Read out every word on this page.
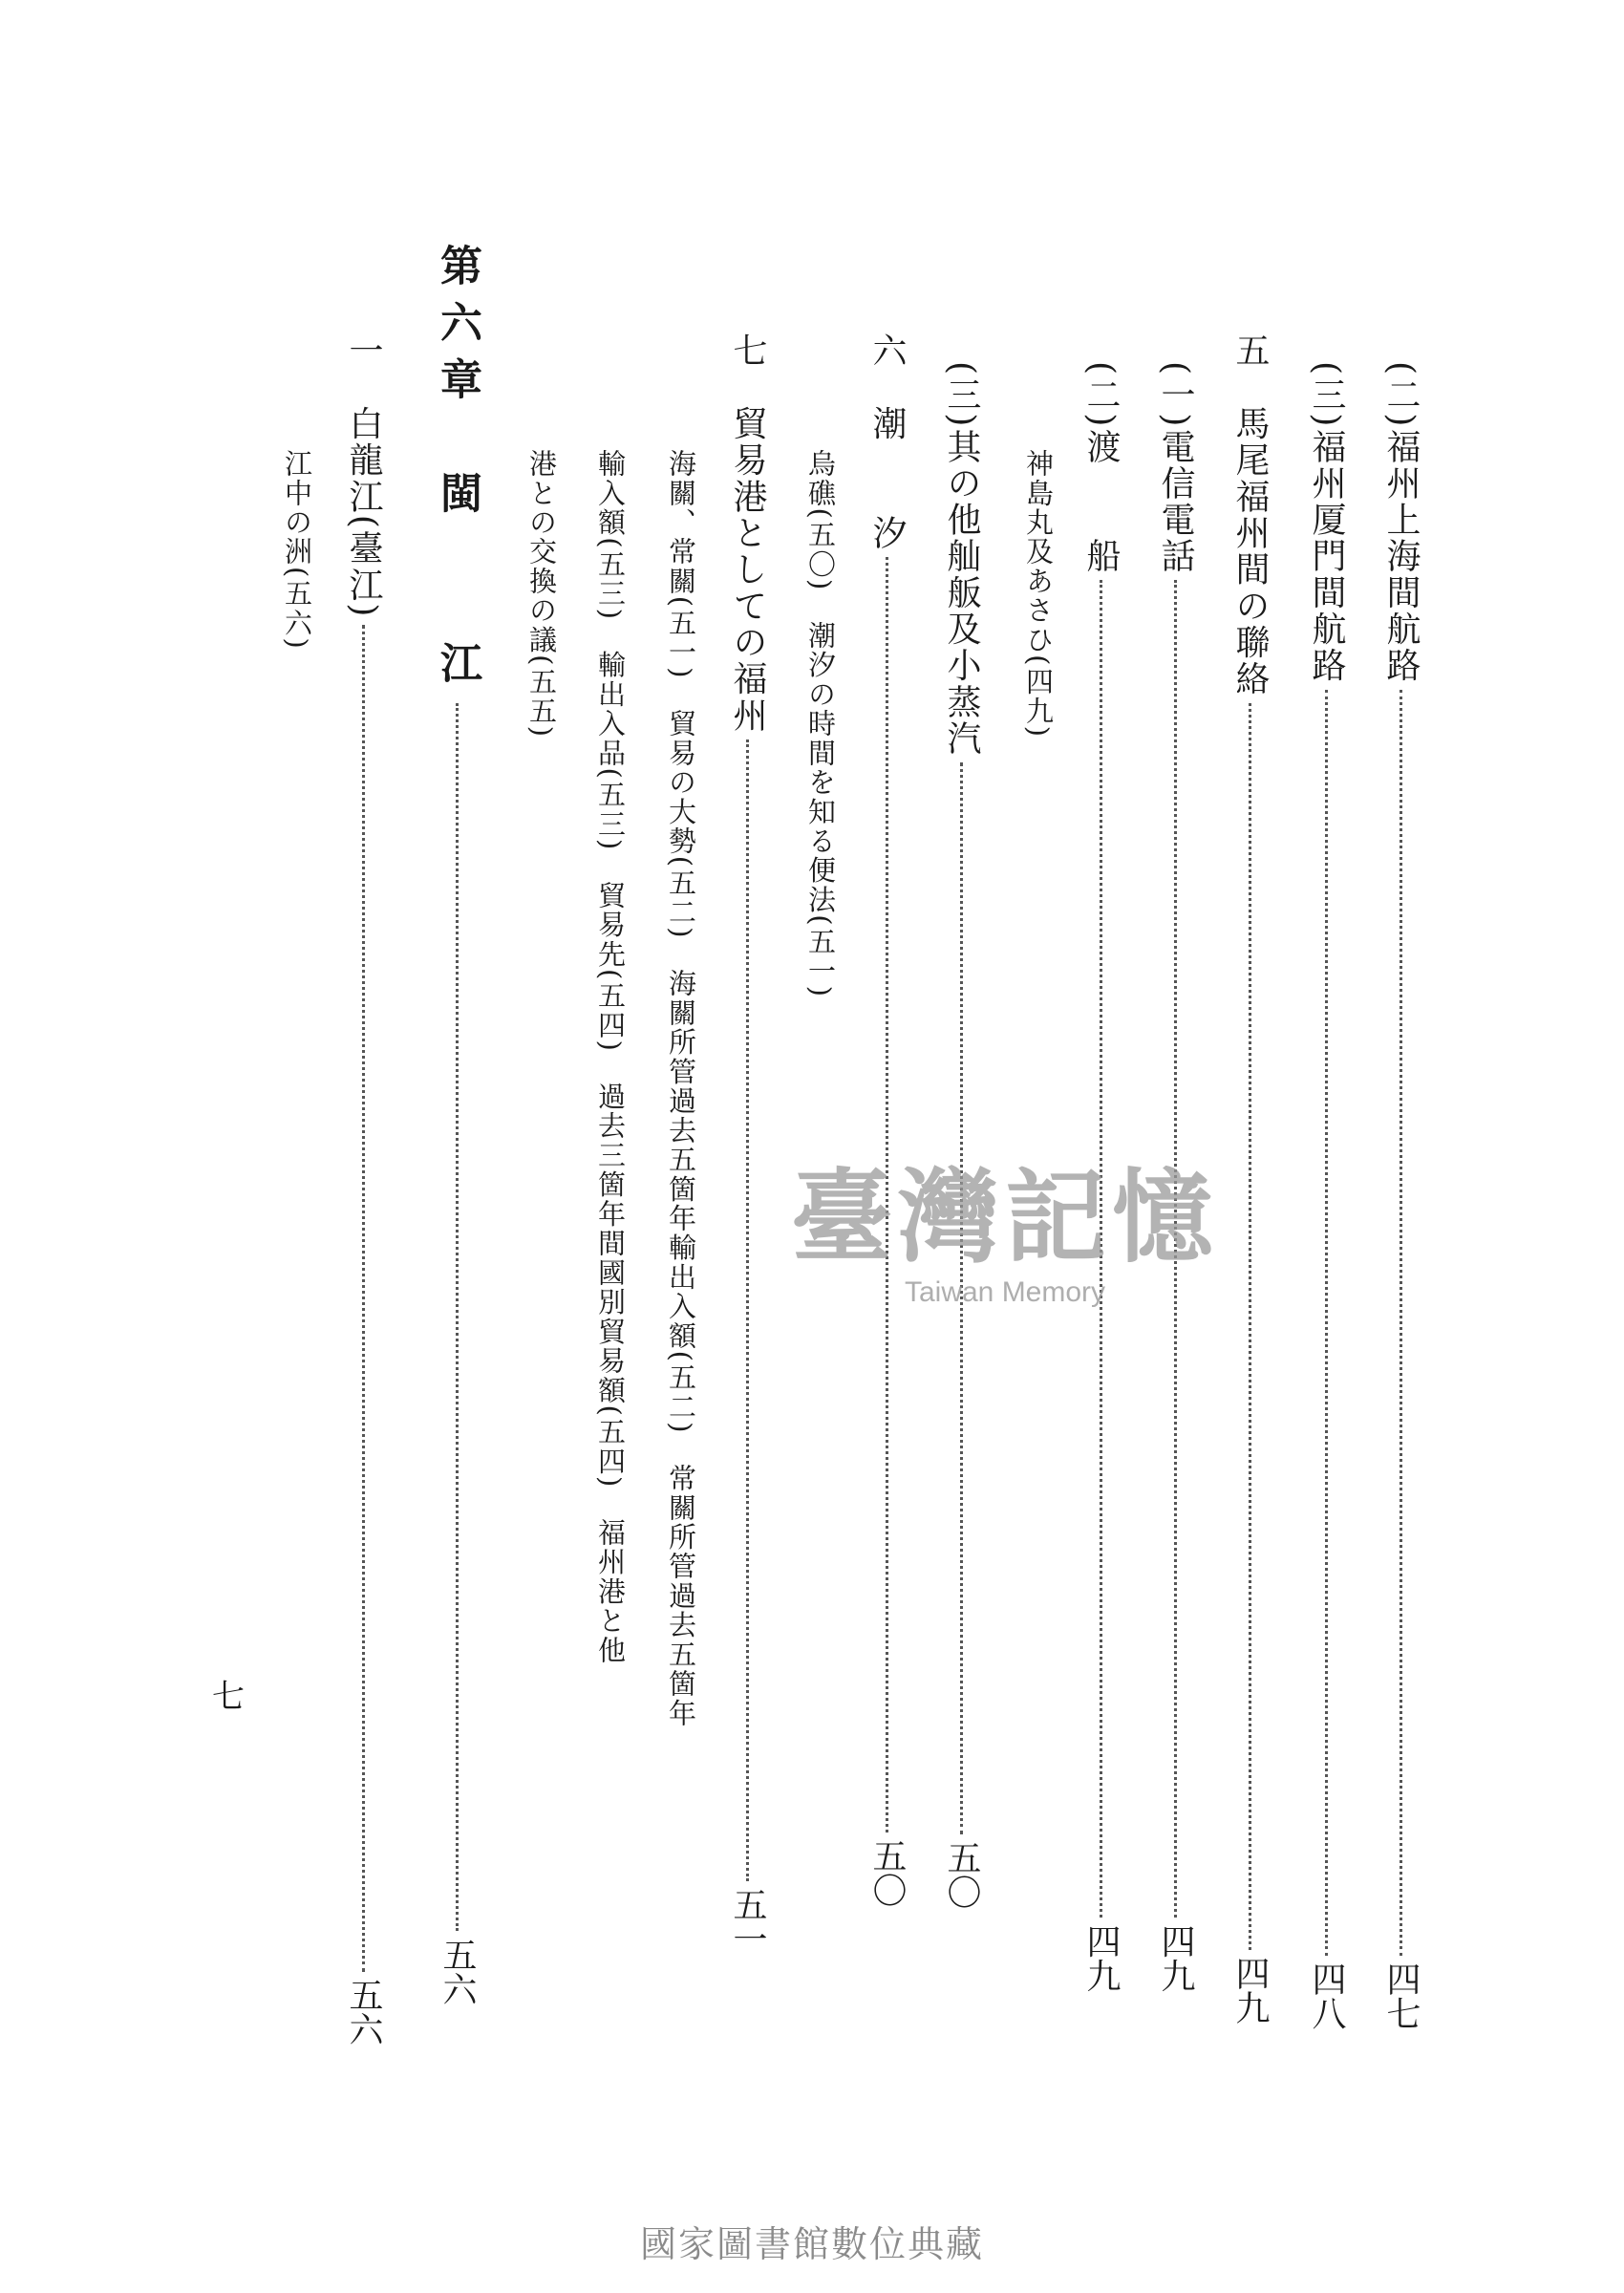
(二)福州上海間航路四七
(三)福州厦門間航路四八
五　馬尾福州間の聯絡四九
(一)電信電話四九
(二)渡　　船四九
神島丸及あさひ(四九)
(三)其の他舢舨及小蒸汽五〇
六　潮　　汐五〇
烏礁(五〇)　潮汐の時間を知る便法(五一)
七　貿易港としての福州五一
海關、常關(五一)　貿易の大勢(五二)　海關所管過去五箇年輸出入額(五二)　常關所管過去五箇年
輸入額(五三)　輸出入品(五三)　貿易先(五四)　過去三箇年間國別貿易額(五四)　福州港と他
港との交換の議(五五)
第六章　閩　　江五六
一　白龍江(臺江)五六
江中の洲(五六)
七
臺灣記憶
Taiwan Memory
國家圖書館數位典藏
